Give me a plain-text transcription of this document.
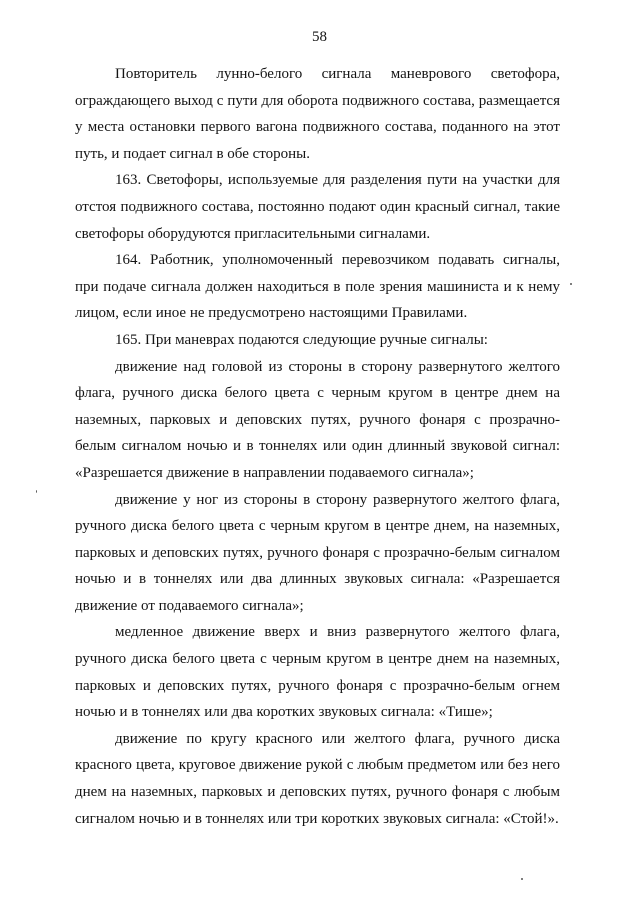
58

Повторитель лунно-белого сигнала маневрового светофора, ограждающего выход с пути для оборота подвижного состава, размещается у места остановки первого вагона подвижного состава, поданного на этот путь, и подает сигнал в обе стороны.

163. Светофоры, используемые для разделения пути на участки для отстоя подвижного состава, постоянно подают один красный сигнал, такие светофоры оборудуются пригласительными сигналами.

164. Работник, уполномоченный перевозчиком подавать сигналы, при подаче сигнала должен находиться в поле зрения машиниста и к нему лицом, если иное не предусмотрено настоящими Правилами.

165. При маневрах подаются следующие ручные сигналы:

движение над головой из стороны в сторону развернутого желтого флага, ручного диска белого цвета с черным кругом в центре днем на наземных, парковых и деповских путях, ручного фонаря с прозрачно-белым сигналом ночью и в тоннелях или один длинный звуковой сигнал: «Разрешается движение в направлении подаваемого сигнала»;

движение у ног из стороны в сторону развернутого желтого флага, ручного диска белого цвета с черным кругом в центре днем, на наземных, парковых и деповских путях, ручного фонаря с прозрачно-белым сигналом ночью и в тоннелях или два длинных звуковых сигнала: «Разрешается движение от подаваемого сигнала»;

медленное движение вверх и вниз развернутого желтого флага, ручного диска белого цвета с черным кругом в центре днем на наземных, парковых и деповских путях, ручного фонаря с прозрачно-белым огнем ночью и в тоннелях или два коротких звуковых сигнала: «Тише»;

движение по кругу красного или желтого флага, ручного диска красного цвета, круговое движение рукой с любым предметом или без него днем на наземных, парковых и деповских путях, ручного фонаря с любым сигналом ночью и в тоннелях или три коротких звуковых сигнала: «Стой!».
